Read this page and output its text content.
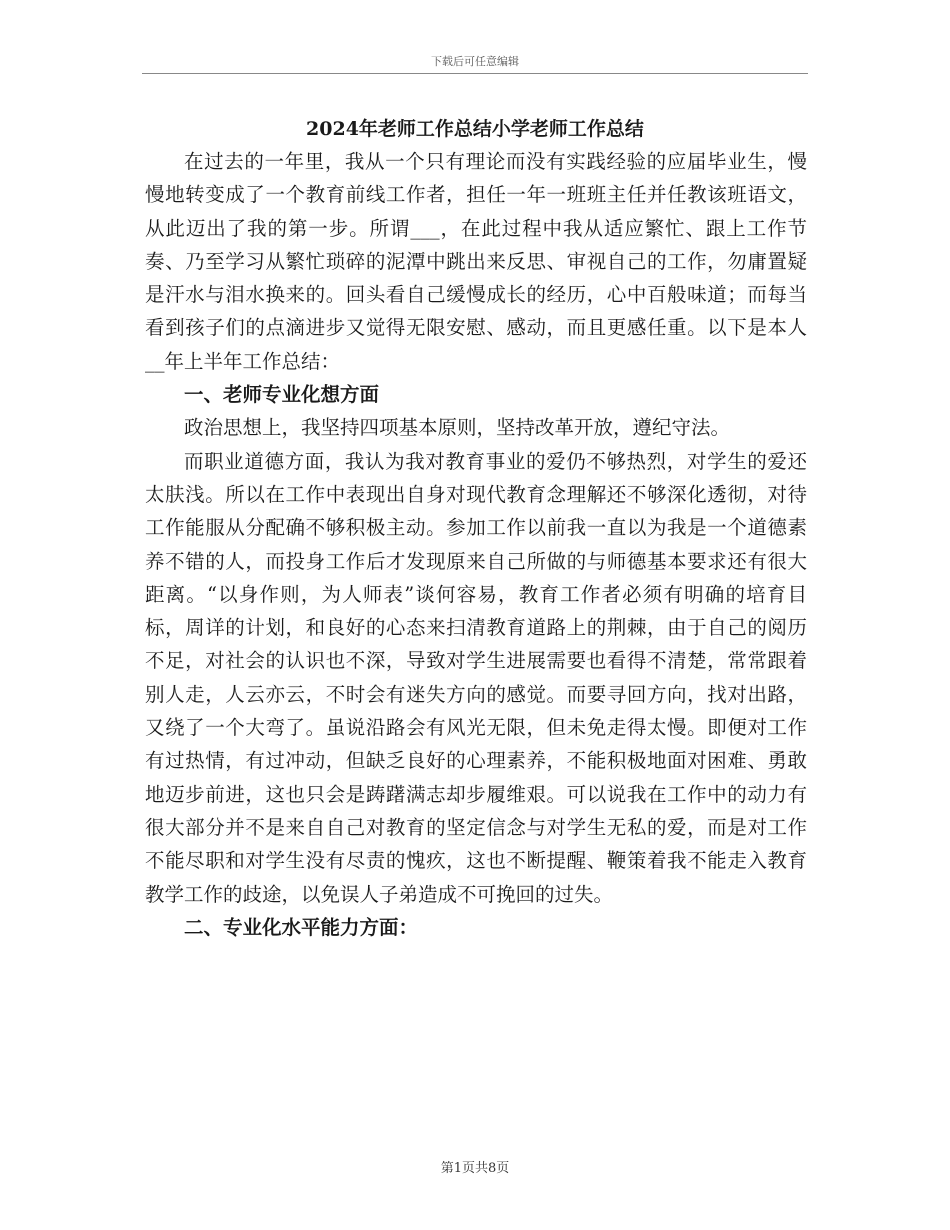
下载后可任意编辑
2024年老师工作总结小学老师工作总结

在过去的一年里，我从一个只有理论而没有实践经验的应届毕业生，慢慢地转变成了一个教育前线工作者，担任一年一班班主任并任教该班语文，从此迈出了我的第一步。所谓___，在此过程中我从适应繁忙、跟上工作节奏、乃至学习从繁忙琐碎的泥潭中跳出来反思、审视自己的工作，勿庸置疑是汗水与泪水换来的。回头看自己缓慢成长的经历，心中百般味道；而每当看到孩子们的点滴进步又觉得无限安慰、感动，而且更感任重。以下是本人__年上半年工作总结：

一、老师专业化想方面

政治思想上，我坚持四项基本原则，坚持改革开放，遵纪守法。

而职业道德方面，我认为我对教育事业的爱仍不够热烈，对学生的爱还太肤浅。所以在工作中表现出自身对现代教育念理解还不够深化透彻，对待工作能服从分配确不够积极主动。参加工作以前我一直以为我是一个道德素养不错的人，而投身工作后才发现原来自己所做的与师德基本要求还有很大距离。“以身作则，为人师表”谈何容易，教育工作者必须有明确的培育目标，周详的计划，和良好的心态来扫清教育道路上的荆棘，由于自己的阅历不足，对社会的认识也不深，导致对学生进展需要也看得不清楚，常常跟着别人走，人云亦云，不时会有迷失方向的感觉。而要寻回方向，找对出路，又绕了一个大弯了。虽说沿路会有风光无限，但未免走得太慢。即便对工作有过热情，有过冲动，但缺乏良好的心理素养，不能积极地面对困难、勇敢地迈步前进，这也只会是踌躇满志却步履维艰。可以说我在工作中的动力有很大部分并不是来自自己对教育的坚定信念与对学生无私的爱，而是对工作不能尽职和对学生没有尽责的愧疚，这也不断提醒、鞭策着我不能走入教育教学工作的歧途，以免误人子弟造成不可挽回的过失。

二、专业化水平能力方面：

第1页共8页
